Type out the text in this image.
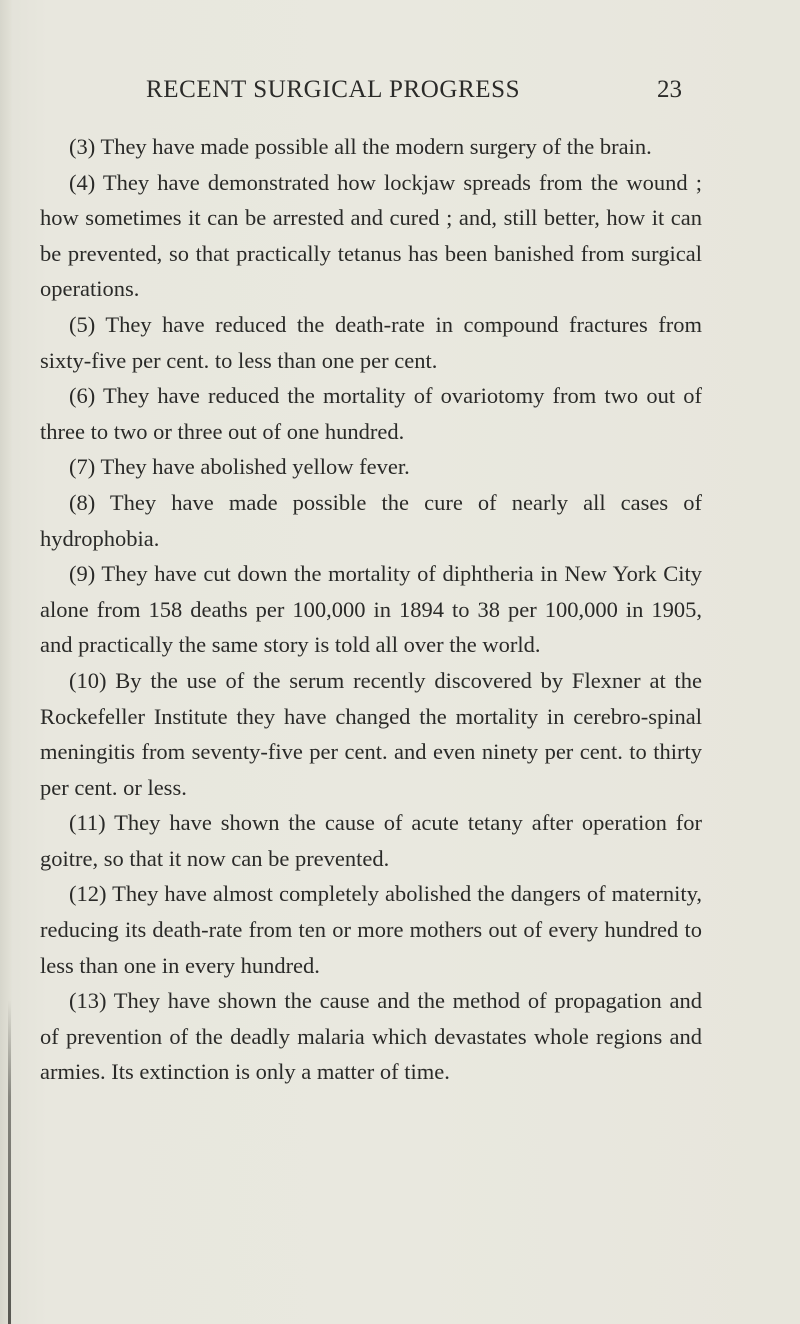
RECENT SURGICAL PROGRESS	23

(3) They have made possible all the modern surgery of the brain.

(4) They have demonstrated how lockjaw spreads from the wound ; how sometimes it can be arrested and cured ; and, still better, how it can be prevented, so that practically tetanus has been banished from surgical operations.

(5) They have reduced the death-rate in compound fractures from sixty-five per cent. to less than one per cent.

(6) They have reduced the mortality of ovariotomy from two out of three to two or three out of one hundred.

(7) They have abolished yellow fever.

(8) They have made possible the cure of nearly all cases of hydrophobia.

(9) They have cut down the mortality of diphtheria in New York City alone from 158 deaths per 100,000 in 1894 to 38 per 100,000 in 1905, and practically the same story is told all over the world.

(10) By the use of the serum recently discovered by Flexner at the Rockefeller Institute they have changed the mortality in cerebro-spinal meningitis from seventy-five per cent. and even ninety per cent. to thirty per cent. or less.

(11) They have shown the cause of acute tetany after operation for goitre, so that it now can be prevented.

(12) They have almost completely abolished the dangers of maternity, reducing its death-rate from ten or more mothers out of every hundred to less than one in every hundred.

(13) They have shown the cause and the method of propagation and of prevention of the deadly malaria which devastates whole regions and armies. Its extinction is only a matter of time.
